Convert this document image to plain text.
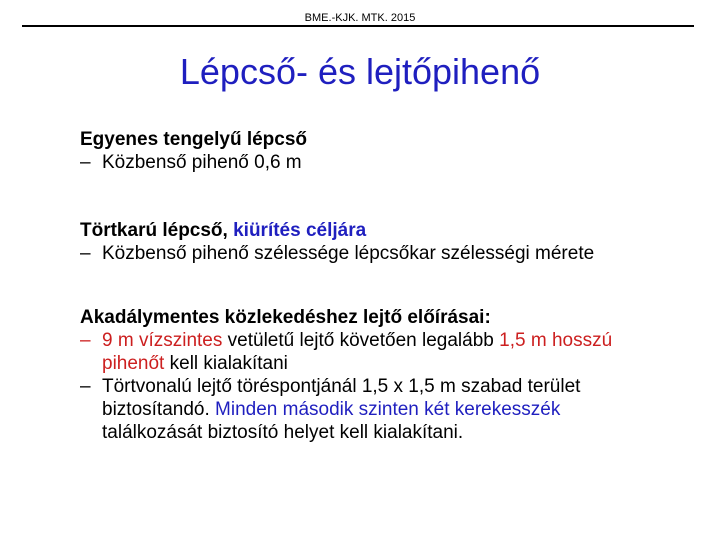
BME.-KJK. MTK. 2015
Lépcső- és lejtőpihenő
Egyenes tengelyű lépcső
– Közbenső pihenő 0,6 m
Törtkarú lépcső, kiürítés céljára
– Közbenső pihenő szélessége lépcsőkar szélességi mérete
Akadálymentes közlekedéshez lejtő előírásai:
– 9 m vízszintes vetületű lejtő követően legalább 1,5 m hosszú pihenőt kell kialakítani
– Törtvonalú lejtő töréspontjánál 1,5 x 1,5 m szabad terület biztosítandó. Minden második szinten két kerekesszék találkozását biztosító helyet kell kialakítani.
